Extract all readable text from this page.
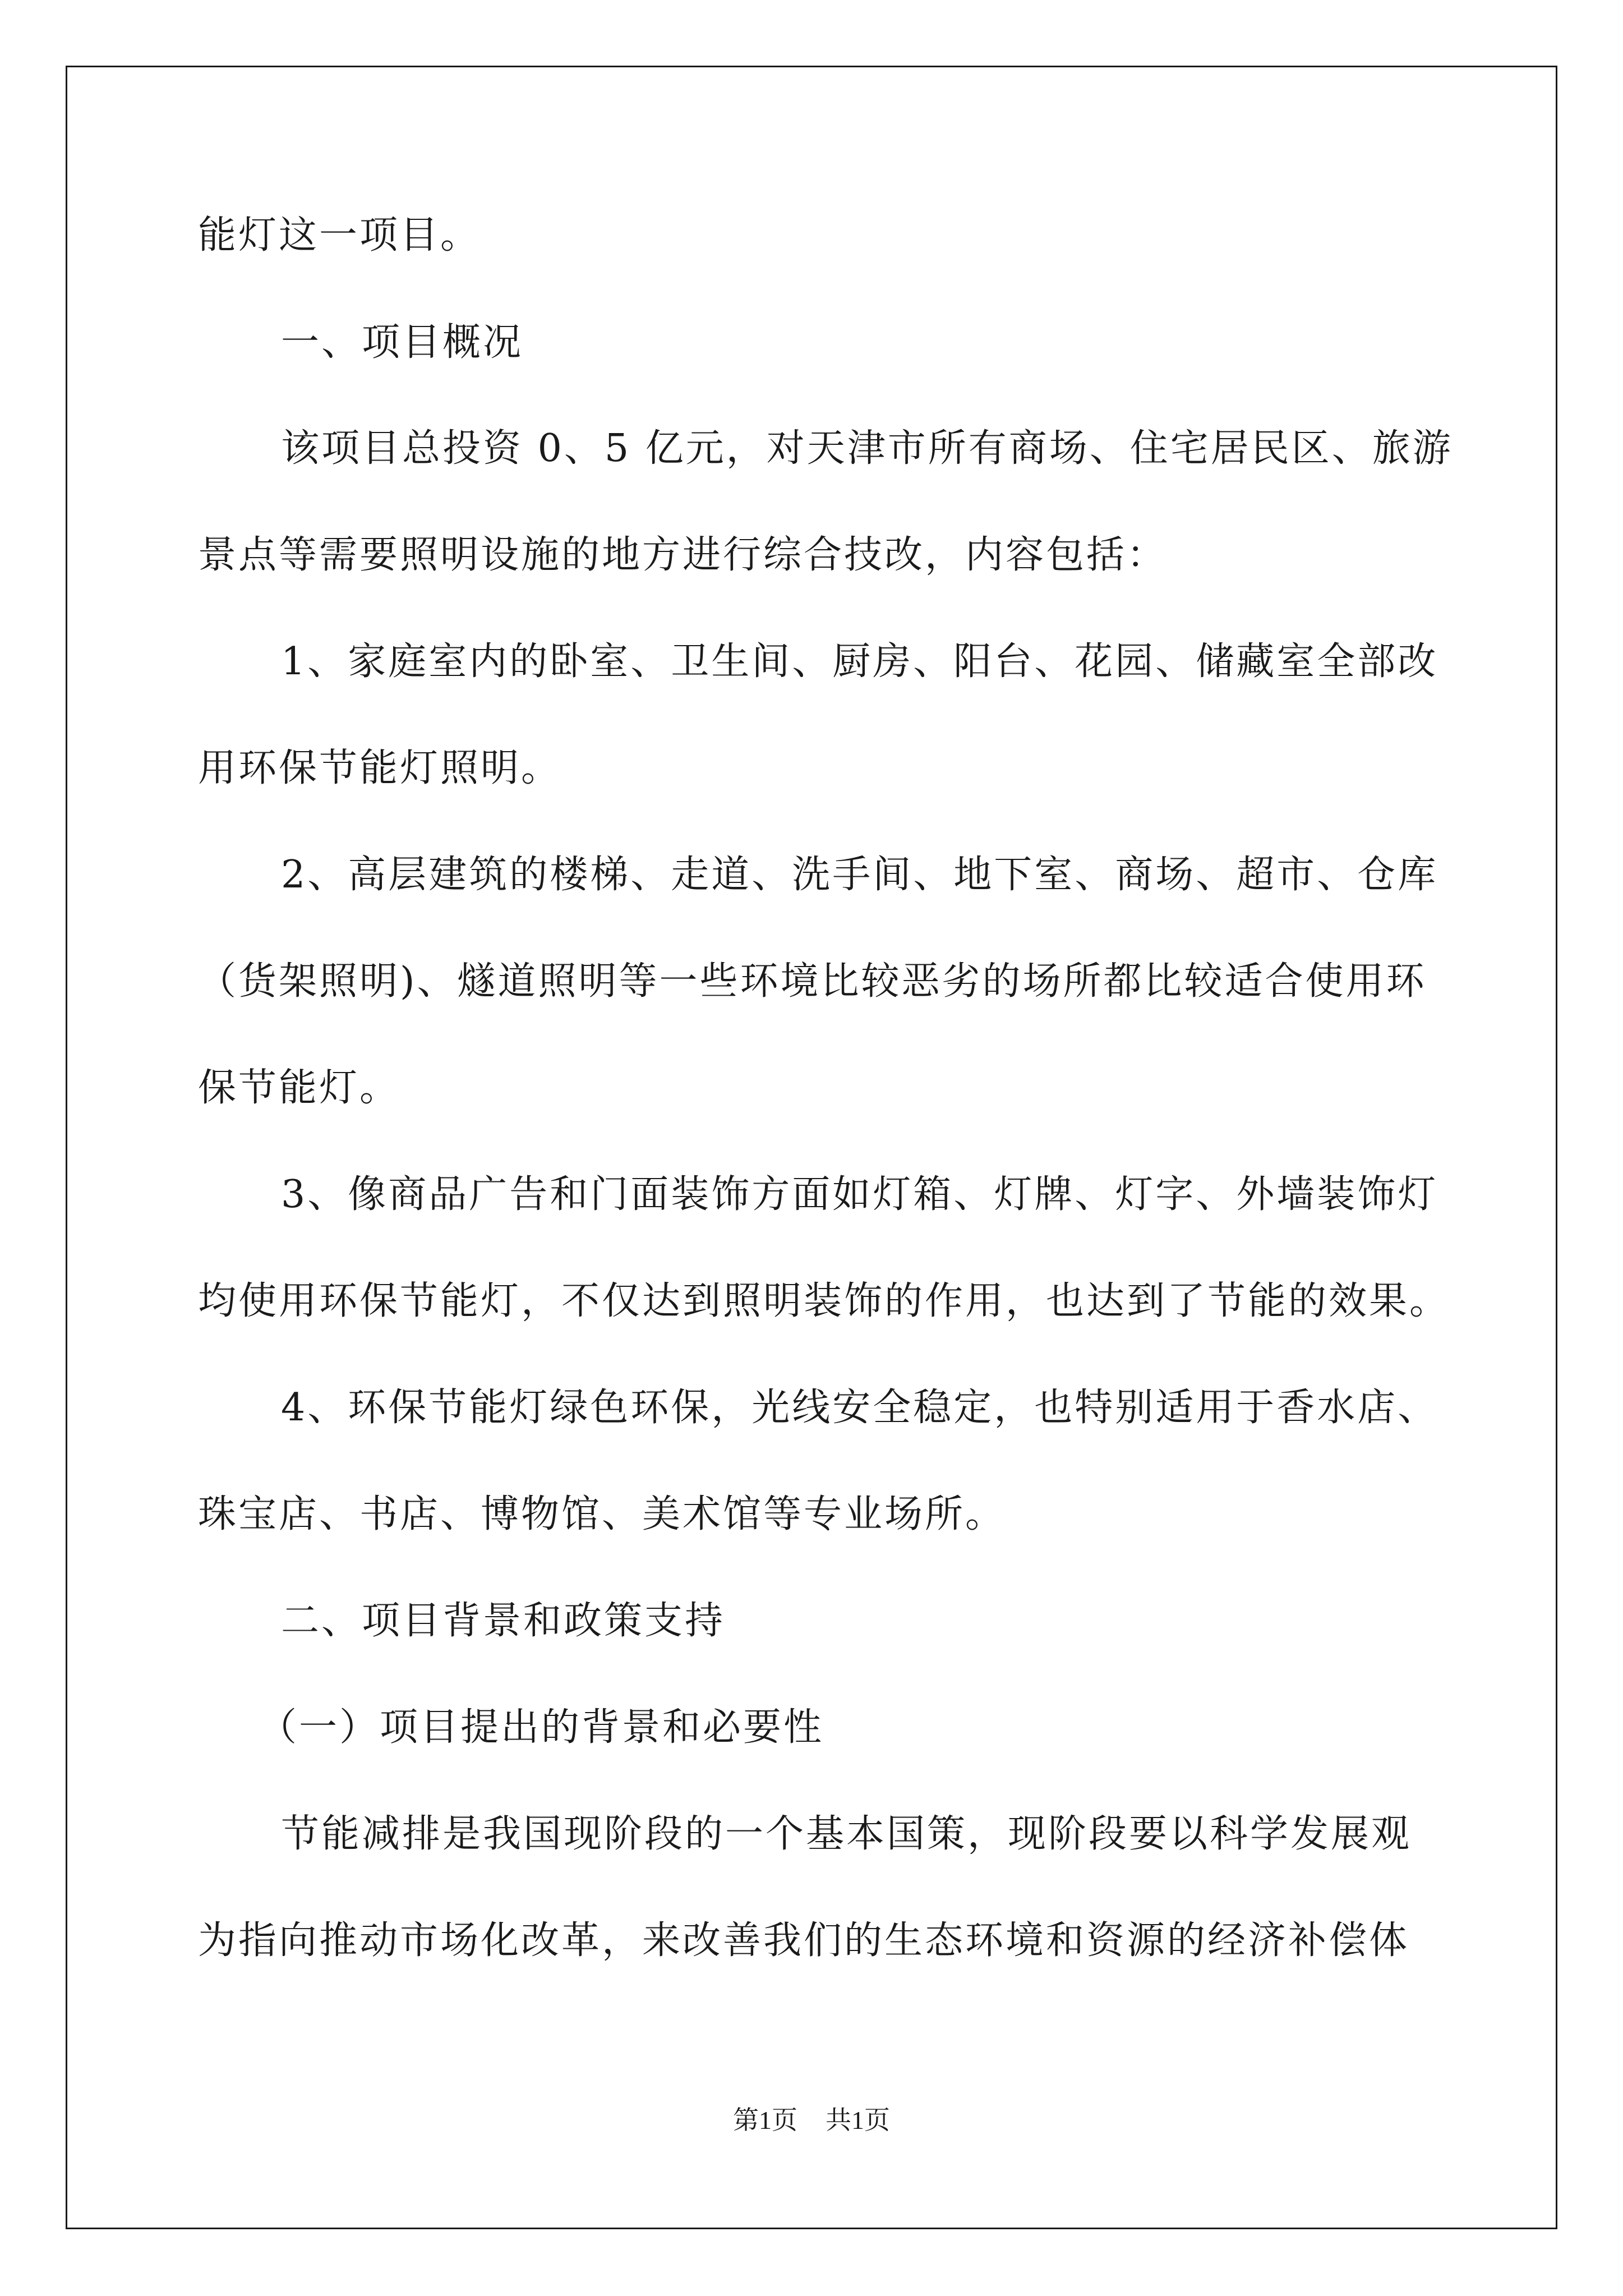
能灯这一项目。
一、项目概况
该项目总投资 0、5 亿元，对天津市所有商场、住宅居民区、旅游
景点等需要照明设施的地方进行综合技改，内容包括：
1、家庭室内的卧室、卫生间、厨房、阳台、花园、储藏室全部改
用环保节能灯照明。
2、高层建筑的楼梯、走道、洗手间、地下室、商场、超市、仓库
（货架照明)、燧道照明等一些环境比较恶劣的场所都比较适合使用环
保节能灯。
3、像商品广告和门面装饰方面如灯箱、灯牌、灯字、外墙装饰灯
均使用环保节能灯，不仅达到照明装饰的作用，也达到了节能的效果。
4、环保节能灯绿色环保，光线安全稳定，也特别适用于香水店、
珠宝店、书店、博物馆、美术馆等专业场所。
二、项目背景和政策支持
（一）项目提出的背景和必要性
节能减排是我国现阶段的一个基本国策，现阶段要以科学发展观
为指向推动市场化改革，来改善我们的生态环境和资源的经济补偿体
第1页 共1页
